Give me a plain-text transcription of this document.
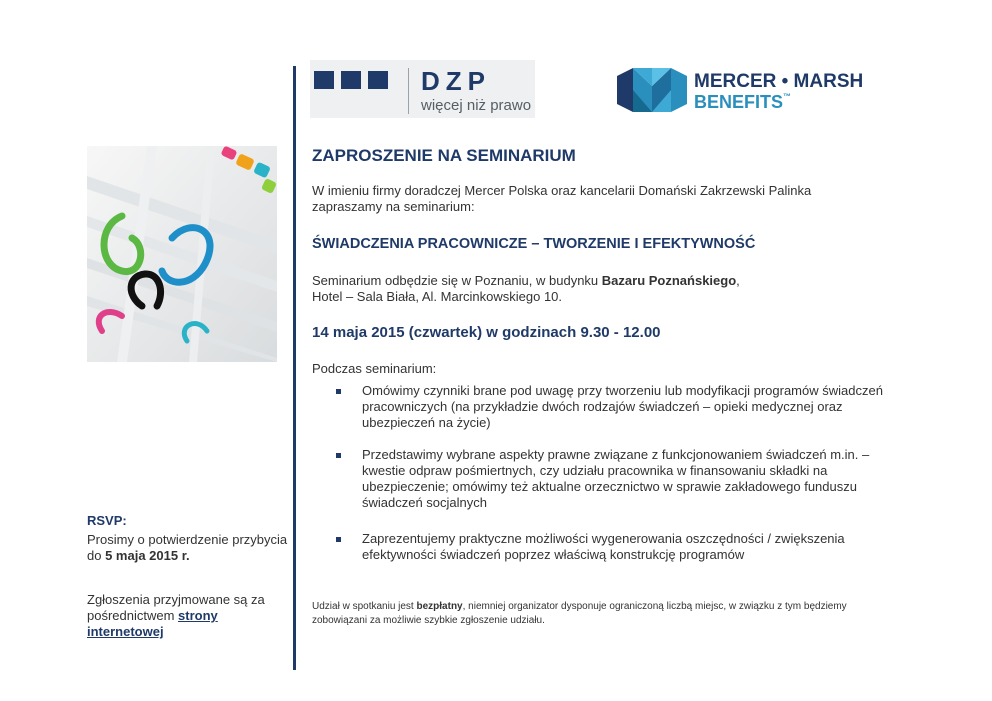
DZP
więcej niż prawo
MERCER • MARSH
BENEFITS™
RSVP:
Prosimy o potwierdzenie przybycia do 5 maja 2015 r.
Zgłoszenia przyjmowane są za pośrednictwem strony internetowej
ZAPROSZENIE NA SEMINARIUM
W imieniu firmy doradczej Mercer Polska oraz kancelarii Domański Zakrzewski Palinka zapraszamy na seminarium:
ŚWIADCZENIA PRACOWNICZE – TWORZENIE I EFEKTYWNOŚĆ
Seminarium odbędzie się w Poznaniu, w budynku Bazaru Poznańskiego,
Hotel – Sala Biała, Al. Marcinkowskiego 10.
14 maja 2015 (czwartek) w godzinach 9.30 - 12.00
Podczas seminarium:
Omówimy czynniki brane pod uwagę przy tworzeniu lub modyfikacji programów świadczeń pracowniczych (na przykładzie dwóch rodzajów świadczeń – opieki medycznej oraz ubezpieczeń na życie)
Przedstawimy wybrane aspekty prawne związane z funkcjonowaniem świadczeń m.in. – kwestie odpraw pośmiertnych, czy udziału pracownika w finansowaniu składki na ubezpieczenie; omówimy też aktualne orzecznictwo w sprawie zakładowego funduszu świadczeń socjalnych
Zaprezentujemy praktyczne możliwości wygenerowania oszczędności / zwiększenia efektywności świadczeń poprzez właściwą konstrukcję programów
Udział w spotkaniu jest bezpłatny, niemniej organizator dysponuje ograniczoną liczbą miejsc, w związku z tym będziemy zobowiązani za możliwie szybkie zgłoszenie udziału.
